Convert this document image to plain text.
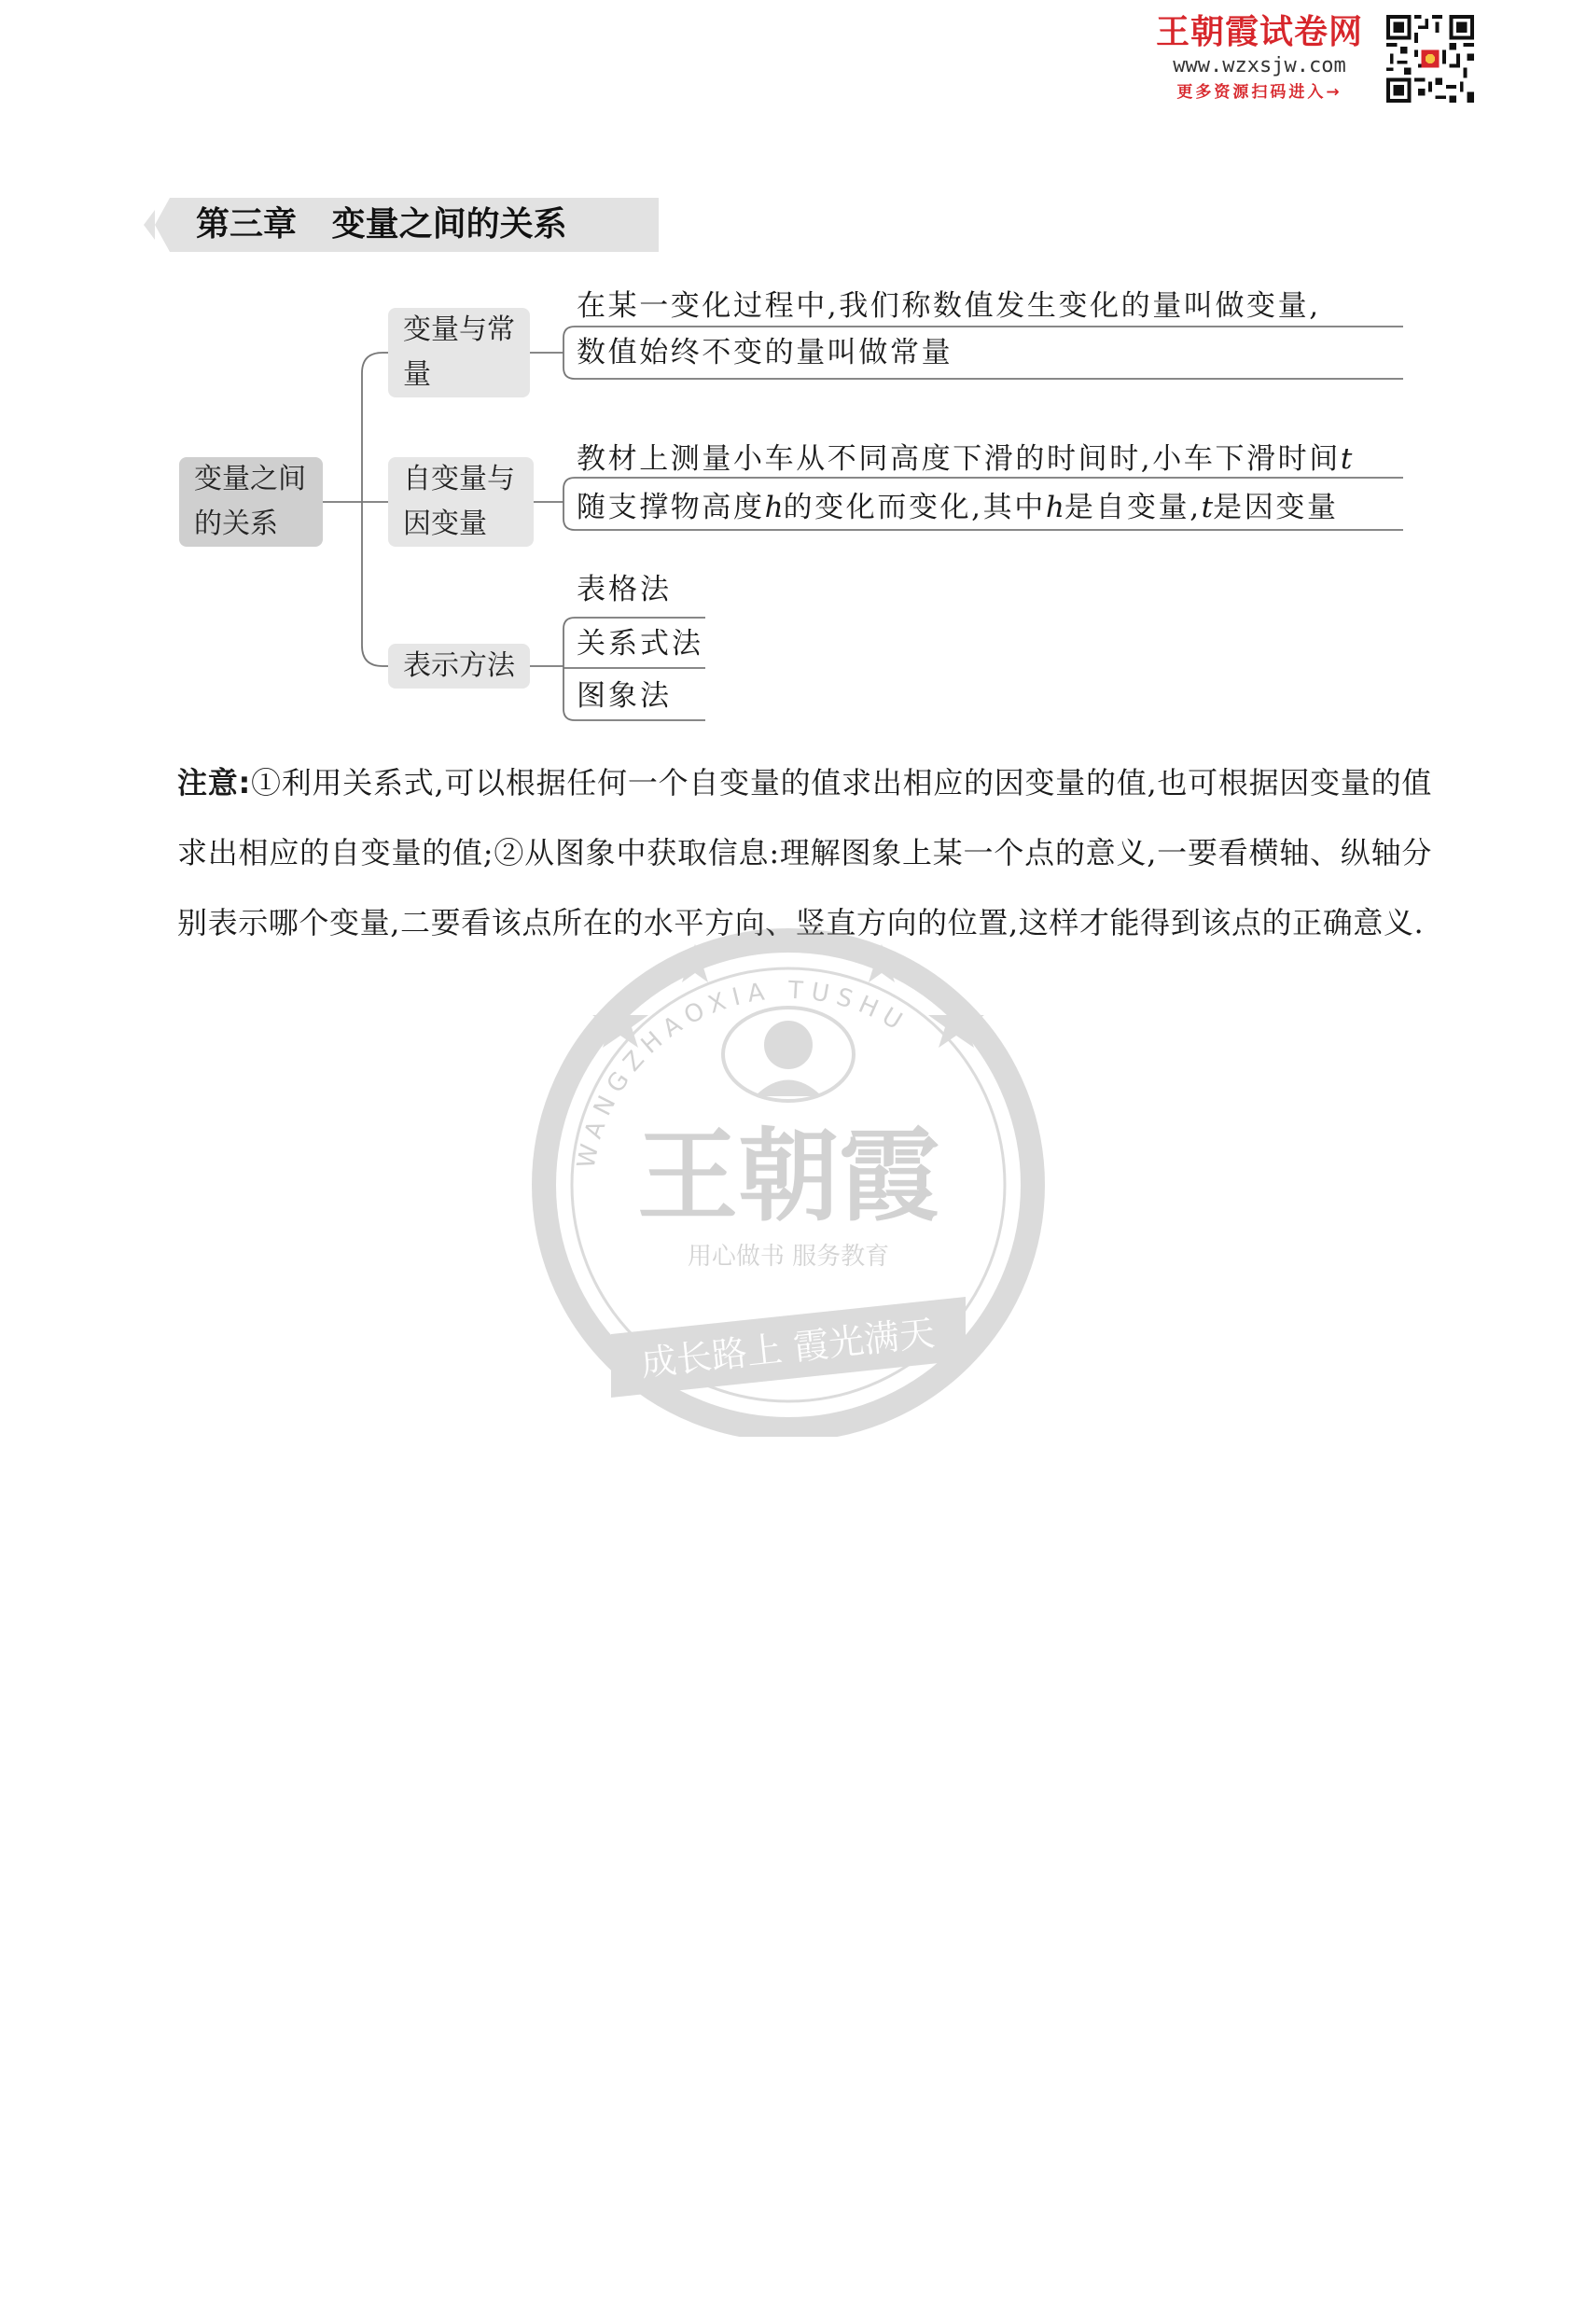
王朝霞试卷网
www.wzxsjw.com
更多资源扫码进入→
第三章   变量之间的关系
变量之间
的关系
变量与常
量
在某一变化过程中,我们称数值发生变化的量叫做变量,
数值始终不变的量叫做常量
自变量与
因变量
教材上测量小车从不同高度下滑的时间时,小车下滑时间t
随支撑物高度h的变化而变化,其中h是自变量,t是因变量
表示方法
表格法
关系式法
图象法
注意:①利用关系式,可以根据任何一个自变量的值求出相应的因变量的值,也可根据因变量的值求出相应的自变量的值;②从图象中获取信息:理解图象上某一个点的意义,一要看横轴、纵轴分别表示哪个变量,二要看该点所在的水平方向、竖直方向的位置,这样才能得到该点的正确意义.
王朝霞
用心做书 服务教育
WANGZHAOXIA TUSHU
成长路上 霞光满天
